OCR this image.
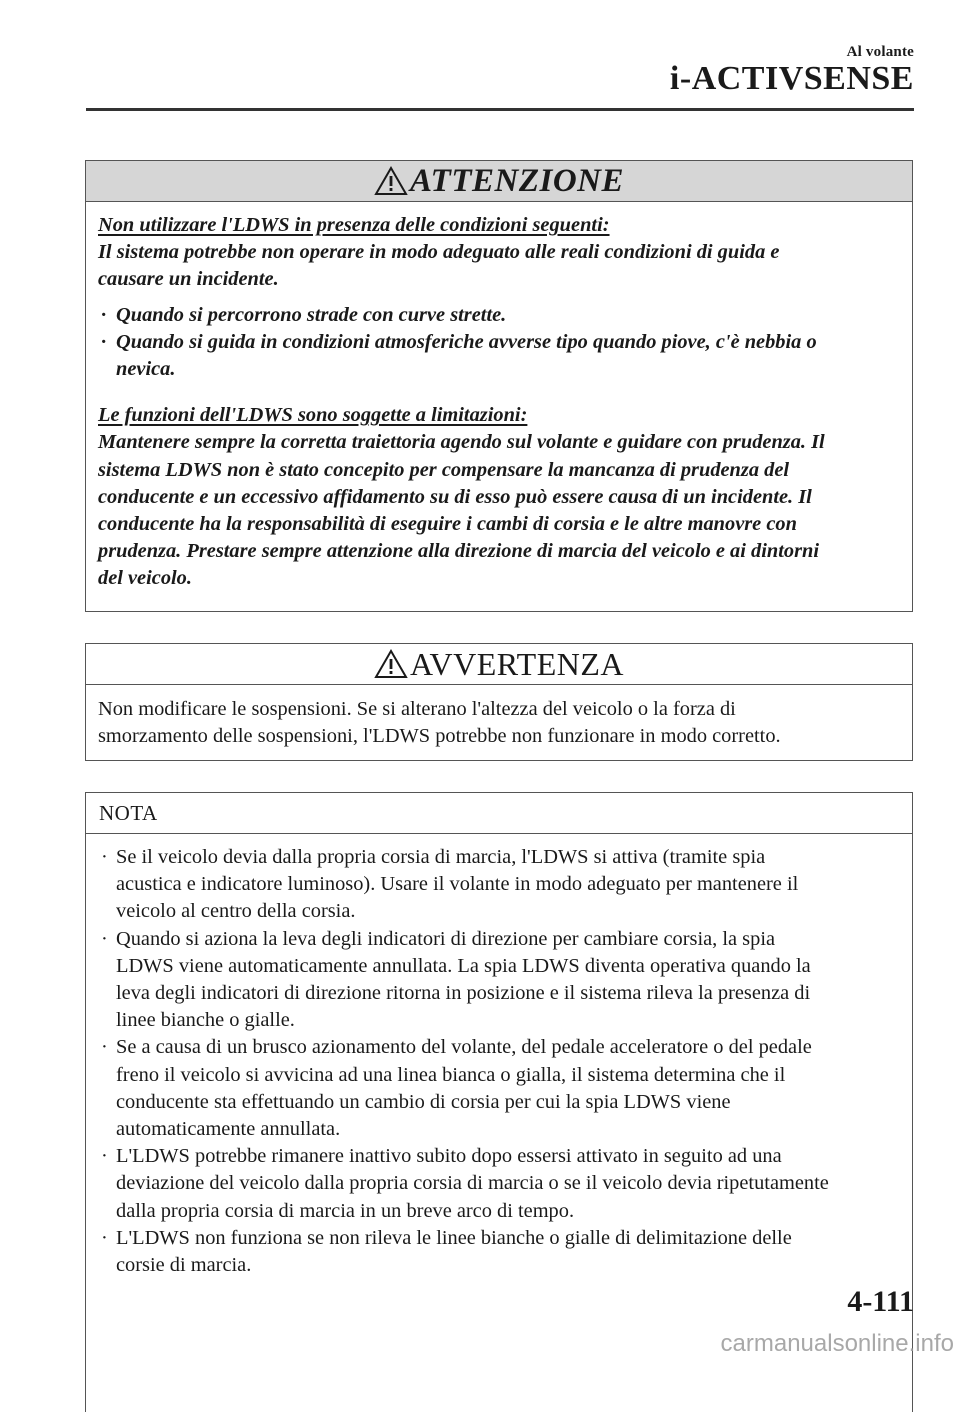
Al volante
i-ACTIVSENSE
ATTENZIONE
Non utilizzare l'LDWS in presenza delle condizioni seguenti:
Il sistema potrebbe non operare in modo adeguato alle reali condizioni di guida e
causare un incidente.
· Quando si percorrono strade con curve strette.
· Quando si guida in condizioni atmosferiche avverse tipo quando piove, c'è nebbia o
nevica.
Le funzioni dell'LDWS sono soggette a limitazioni:
Mantenere sempre la corretta traiettoria agendo sul volante e guidare con prudenza. Il
sistema LDWS non è stato concepito per compensare la mancanza di prudenza del
conducente e un eccessivo affidamento su di esso può essere causa di un incidente. Il
conducente ha la responsabilità di eseguire i cambi di corsia e le altre manovre con
prudenza. Prestare sempre attenzione alla direzione di marcia del veicolo e ai dintorni
del veicolo.
AVVERTENZA
Non modificare le sospensioni. Se si alterano l'altezza del veicolo o la forza di
smorzamento delle sospensioni, l'LDWS potrebbe non funzionare in modo corretto.
NOTA
· Se il veicolo devia dalla propria corsia di marcia, l'LDWS si attiva (tramite spia
acustica e indicatore luminoso). Usare il volante in modo adeguato per mantenere il
veicolo al centro della corsia.
· Quando si aziona la leva degli indicatori di direzione per cambiare corsia, la spia
LDWS viene automaticamente annullata. La spia LDWS diventa operativa quando la
leva degli indicatori di direzione ritorna in posizione e il sistema rileva la presenza di
linee bianche o gialle.
· Se a causa di un brusco azionamento del volante, del pedale acceleratore o del pedale
freno il veicolo si avvicina ad una linea bianca o gialla, il sistema determina che il
conducente sta effettuando un cambio di corsia per cui la spia LDWS viene
automaticamente annullata.
· L'LDWS potrebbe rimanere inattivo subito dopo essersi attivato in seguito ad una
deviazione del veicolo dalla propria corsia di marcia o se il veicolo devia ripetutamente
dalla propria corsia di marcia in un breve arco di tempo.
· L'LDWS non funziona se non rileva le linee bianche o gialle di delimitazione delle
corsie di marcia.
4-111
carmanualsonline.info
